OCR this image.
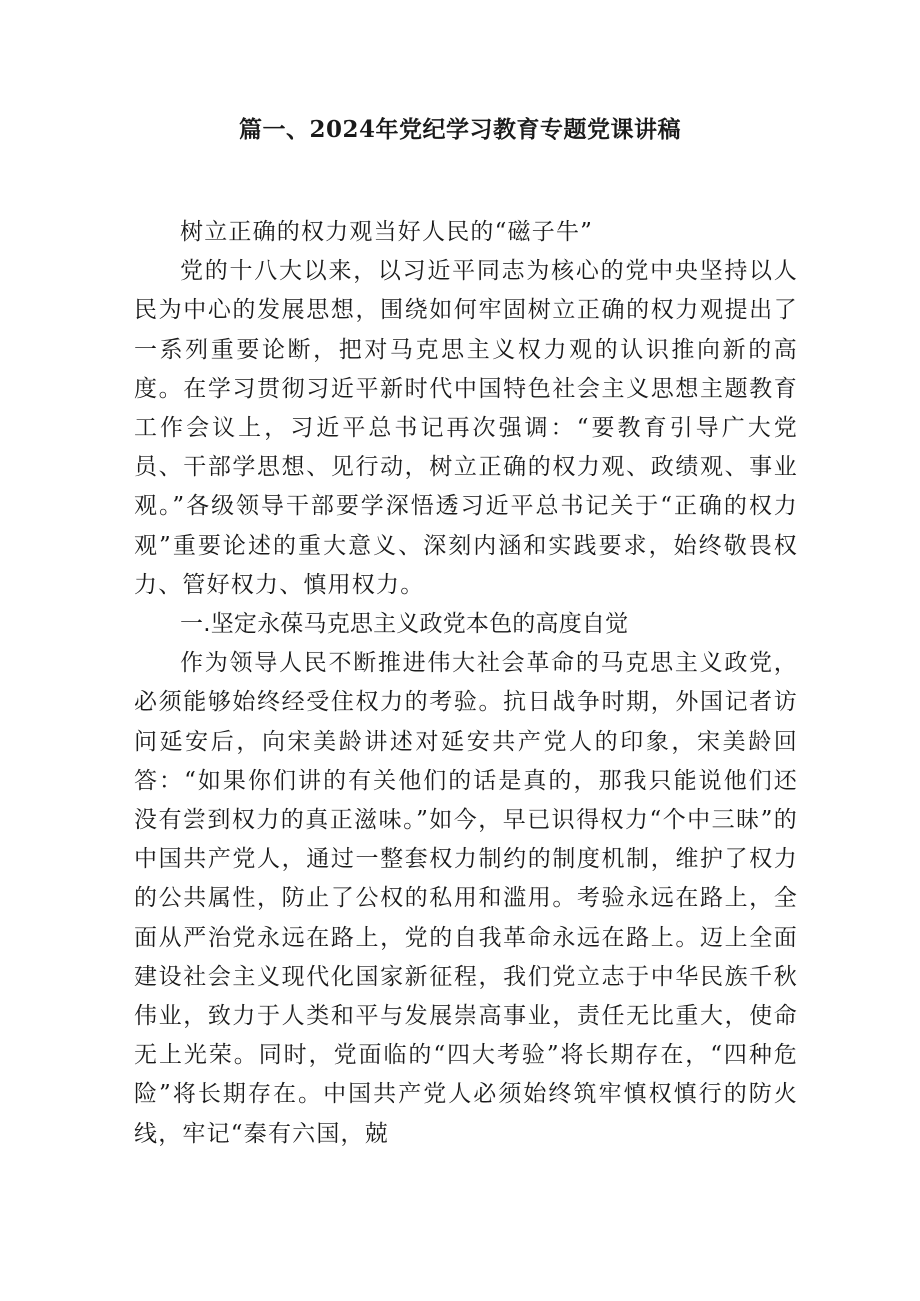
篇一、2024年党纪学习教育专题党课讲稿

树立正确的权力观当好人民的“磁子牛”

党的十八大以来，以习近平同志为核心的党中央坚持以人民为中心的发展思想，围绕如何牢固树立正确的权力观提出了一系列重要论断，把对马克思主义权力观的认识推向新的高度。在学习贯彻习近平新时代中国特色社会主义思想主题教育工作会议上，习近平总书记再次强调：“要教育引导广大党员、干部学思想、见行动，树立正确的权力观、政绩观、事业观。”各级领导干部要学深悟透习近平总书记关于“正确的权力观”重要论述的重大意义、深刻内涵和实践要求，始终敬畏权力、管好权力、慎用权力。

一.坚定永葆马克思主义政党本色的高度自觉

作为领导人民不断推进伟大社会革命的马克思主义政党，必须能够始终经受住权力的考验。抗日战争时期，外国记者访问延安后，向宋美龄讲述对延安共产党人的印象，宋美龄回答：“如果你们讲的有关他们的话是真的，那我只能说他们还没有尝到权力的真正滋味。”如今，早已识得权力“个中三昧”的中国共产党人，通过一整套权力制约的制度机制，维护了权力的公共属性，防止了公权的私用和滥用。考验永远在路上，全面从严治党永远在路上，党的自我革命永远在路上。迈上全面建设社会主义现代化国家新征程，我们党立志于中华民族千秋伟业，致力于人类和平与发展崇高事业，责任无比重大，使命无上光荣。同时，党面临的“四大考验”将长期存在，“四种危险”将长期存在。中国共产党人必须始终筑牢慎权慎行的防火线，牢记“秦有六国，兢
